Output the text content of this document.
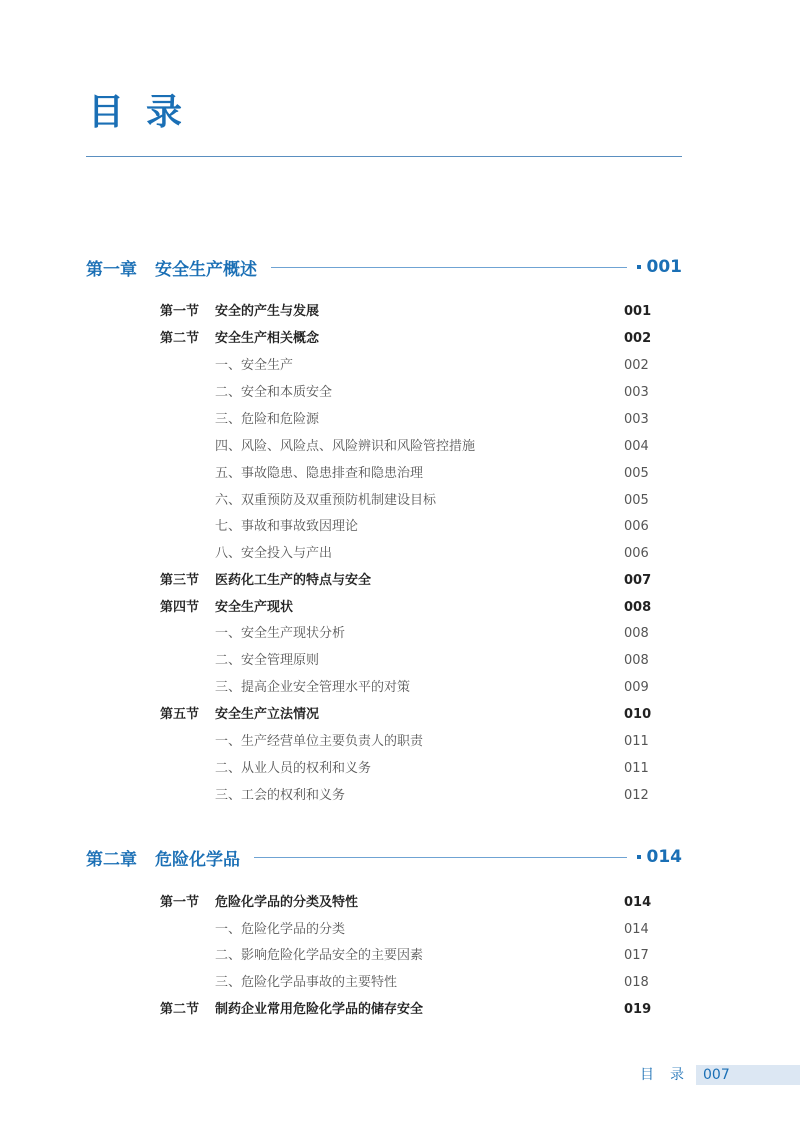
目录
第一章 安全生产概述	001
第一节 安全的产生与发展	001
第二节 安全生产相关概念	002
一、安全生产	002
二、安全和本质安全	003
三、危险和危险源	003
四、风险、风险点、风险辨识和风险管控措施	004
五、事故隐患、隐患排查和隐患治理	005
六、双重预防及双重预防机制建设目标	005
七、事故和事故致因理论	006
八、安全投入与产出	006
第三节 医药化工生产的特点与安全	007
第四节 安全生产现状	008
一、安全生产现状分析	008
二、安全管理原则	008
三、提高企业安全管理水平的对策	009
第五节 安全生产立法情况	010
一、生产经营单位主要负责人的职责	011
二、从业人员的权利和义务	011
三、工会的权利和义务	012
第二章 危险化学品	014
第一节 危险化学品的分类及特性	014
一、危险化学品的分类	014
二、影响危险化学品安全的主要因素	017
三、危险化学品事故的主要特性	018
第二节 制药企业常用危险化学品的储存安全	019
目录 007
